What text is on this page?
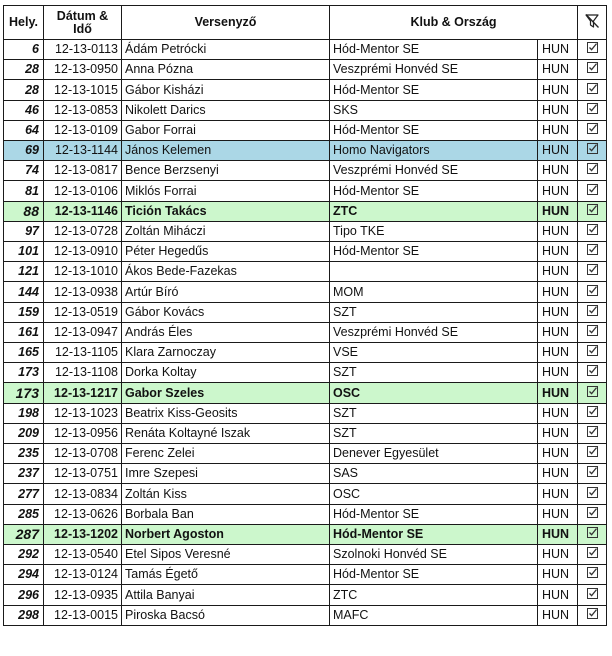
Hely.	Dátum & Idő	Versenyző	Klub & Ország	
6	12-13-0113	Ádám Petrócki	Hód-Mentor SE	HUN	
28	12-13-0950	Anna Pózna	Veszprémi Honvéd SE	HUN	
28	12-13-1015	Gábor Kisházi	Hód-Mentor SE	HUN	
46	12-13-0853	Nikolett Darics	SKS	HUN	
64	12-13-0109	Gabor Forrai	Hód-Mentor SE	HUN	
69	12-13-1144	János Kelemen	Homo Navigators	HUN	
74	12-13-0817	Bence Berzsenyi	Veszprémi Honvéd SE	HUN	
81	12-13-0106	Miklós Forrai	Hód-Mentor SE	HUN	
88	12-13-1146	Tición Takács	ZTC	HUN	
97	12-13-0728	Zoltán Miháczi	Tipo TKE	HUN	
101	12-13-0910	Péter Hegedűs	Hód-Mentor SE	HUN	
121	12-13-1010	Ákos Bede-Fazekas		HUN	
144	12-13-0938	Artúr Bíró	MOM	HUN	
159	12-13-0519	Gábor Kovács	SZT	HUN	
161	12-13-0947	András Éles	Veszprémi Honvéd SE	HUN	
165	12-13-1105	Klara Zarnoczay	VSE	HUN	
173	12-13-1108	Dorka Koltay	SZT	HUN	
173	12-13-1217	Gabor Szeles	OSC	HUN	
198	12-13-1023	Beatrix Kiss-Geosits	SZT	HUN	
209	12-13-0956	Renáta Koltayné Iszak	SZT	HUN	
235	12-13-0708	Ferenc Zelei	Denever Egyesület	HUN	
237	12-13-0751	Imre Szepesi	SAS	HUN	
277	12-13-0834	Zoltán Kiss	OSC	HUN	
285	12-13-0626	Borbala Ban	Hód-Mentor SE	HUN	
287	12-13-1202	Norbert Agoston	Hód-Mentor SE	HUN	
292	12-13-0540	Etel Sipos Veresné	Szolnoki Honvéd SE	HUN	
294	12-13-0124	Tamás Égető	Hód-Mentor SE	HUN	
296	12-13-0935	Attila Banyai	ZTC	HUN	
298	12-13-0015	Piroska Bacsó	MAFC	HUN	
